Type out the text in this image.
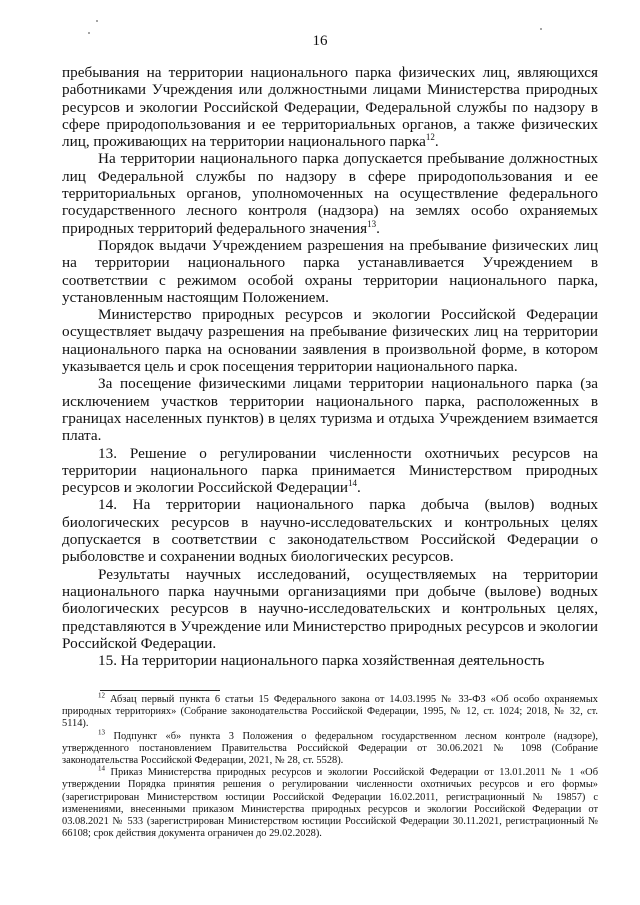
16

пребывания на территории национального парка физических лиц, являющихся работниками Учреждения или должностными лицами Министерства природных ресурсов и экологии Российской Федерации, Федеральной службы по надзору в сфере природопользования и ее территориальных органов, а также физических лиц, проживающих на территории национального парка$^{12}$.

На территории национального парка допускается пребывание должностных лиц Федеральной службы по надзору в сфере природопользования и ее территориальных органов, уполномоченных на осуществление федерального государственного лесного контроля (надзора) на землях особо охраняемых природных территорий федерального значения$^{13}$.

Порядок выдачи Учреждением разрешения на пребывание физических лиц на территории национального парка устанавливается Учреждением в соответствии с режимом особой охраны территории национального парка, установленным настоящим Положением.

Министерство природных ресурсов и экологии Российской Федерации осуществляет выдачу разрешения на пребывание физических лиц на территории национального парка на основании заявления в произвольной форме, в котором указывается цель и срок посещения территории национального парка.

За посещение физическими лицами территории национального парка (за исключением участков территории национального парка, расположенных в границах населенных пунктов) в целях туризма и отдыха Учреждением взимается плата.

13. Решение о регулировании численности охотничьих ресурсов на территории национального парка принимается Министерством природных ресурсов и экологии Российской Федерации$^{14}$.

14. На территории национального парка добыча (вылов) водных биологических ресурсов в научно-исследовательских и контрольных целях допускается в соответствии с законодательством Российской Федерации о рыболовстве и сохранении водных биологических ресурсов.

Результаты научных исследований, осуществляемых на территории национального парка научными организациями при добыче (вылове) водных биологических ресурсов в научно-исследовательских и контрольных целях, представляются в Учреждение или Министерство природных ресурсов и экологии Российской Федерации.

15. На территории национального парка хозяйственная деятельность

$^{12}$ Абзац первый пункта 6 статьи 15 Федерального закона от 14.03.1995 № 33-ФЗ «Об особо охраняемых природных территориях» (Собрание законодательства Российской Федерации, 1995, № 12, ст. 1024; 2018, № 32, ст. 5114).

$^{13}$ Подпункт «б» пункта 3 Положения о федеральном государственном лесном контроле (надзоре), утвержденного постановлением Правительства Российской Федерации от 30.06.2021 № 1098 (Собрание законодательства Российской Федерации, 2021, № 28, ст. 5528).

$^{14}$ Приказ Министерства природных ресурсов и экологии Российской Федерации от 13.01.2011 № 1 «Об утверждении Порядка принятия решения о регулировании численности охотничьих ресурсов и его формы» (зарегистрирован Министерством юстиции Российской Федерации 16.02.2011, регистрационный № 19857) с изменениями, внесенными приказом Министерства природных ресурсов и экологии Российской Федерации от 03.08.2021 № 533 (зарегистрирован Министерством юстиции Российской Федерации 30.11.2021, регистрационный № 66108; срок действия документа ограничен до 29.02.2028).
